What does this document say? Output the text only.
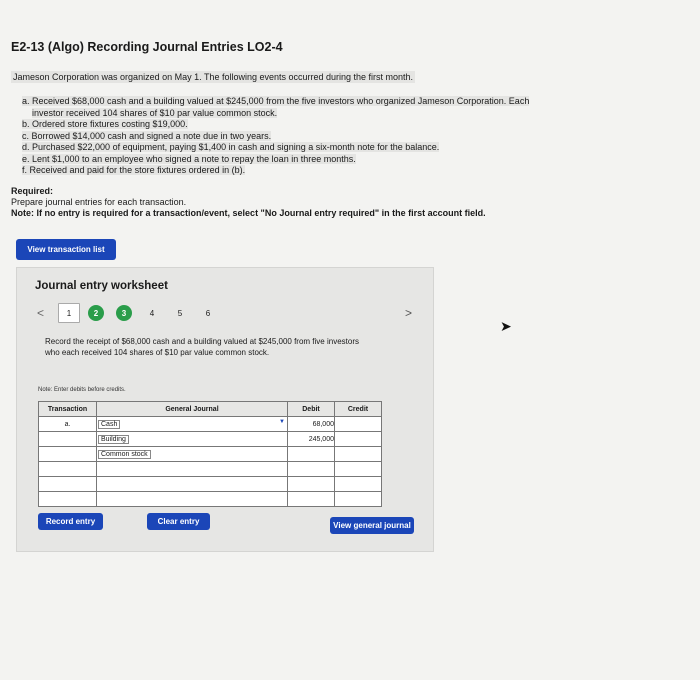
E2-13 (Algo) Recording Journal Entries LO2-4
Jameson Corporation was organized on May 1. The following events occurred during the first month.
a. Received $68,000 cash and a building valued at $245,000 from the five investors who organized Jameson Corporation. Each
investor received 104 shares of $10 par value common stock.
b. Ordered store fixtures costing $19,000.
c. Borrowed $14,000 cash and signed a note due in two years.
d. Purchased $22,000 of equipment, paying $1,400 in cash and signing a six-month note for the balance.
e. Lent $1,000 to an employee who signed a note to repay the loan in three months.
f. Received and paid for the store fixtures ordered in (b).
Required:
Prepare journal entries for each transaction.
Note: If no entry is required for a transaction/event, select "No Journal entry required" in the first account field.
View transaction list
Journal entry worksheet
<	1	2	3	4	5	6	>
Record the receipt of $68,000 cash and a building valued at $245,000 from five investors who each received 104 shares of $10 par value common stock.
Note: Enter debits before credits.
Transaction	General Journal	Debit	Credit
a.	Cash ▼	68,000	
	Building	245,000	
	Common stock		

Record entry	Clear entry	View general journal
➤
